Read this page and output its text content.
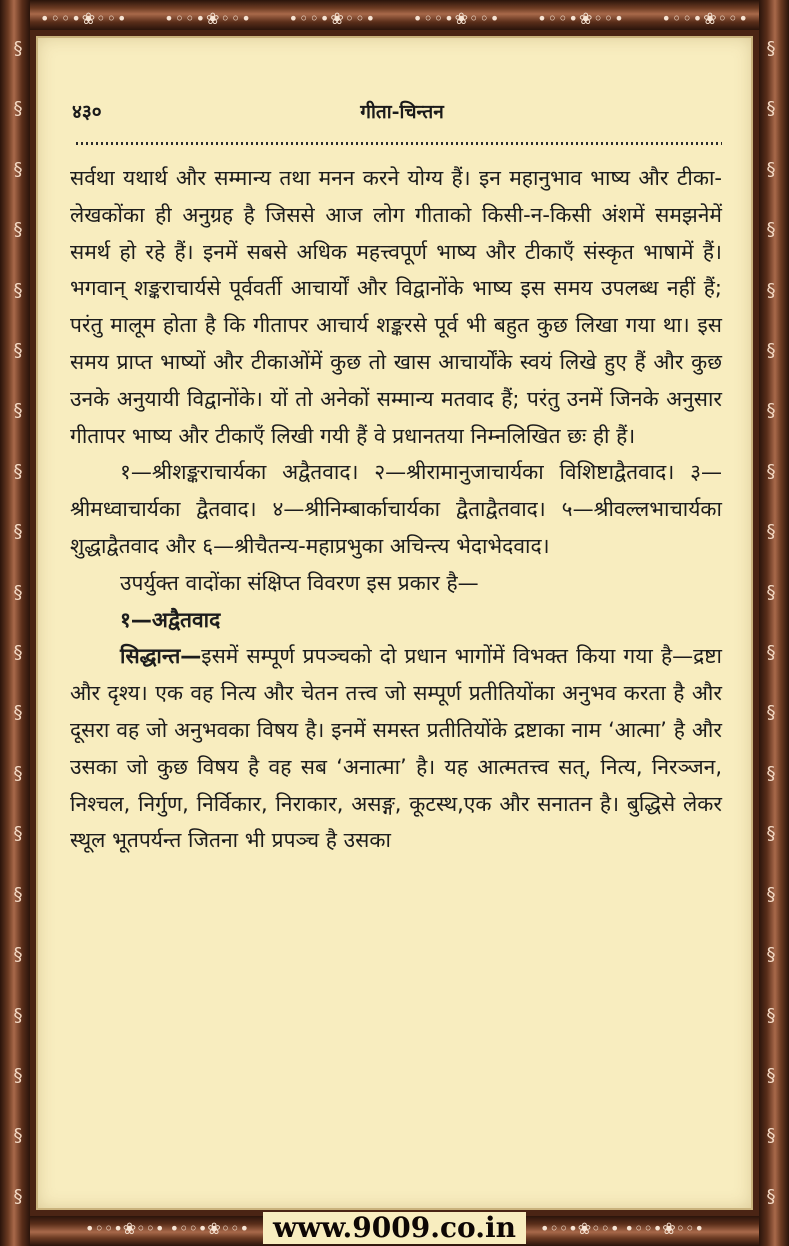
•◦◦•❀◦◦• •◦◦•❀◦◦• •◦◦•❀◦◦• •◦◦•❀◦◦• •◦◦•❀◦◦• •◦◦•❀◦◦•
§
§
§
§
§
§
§
§
§
§
§
§
§
§
§
§
§
§
§
§
§
§
§
§
§
§
§
§
§
§
§
§
§
§
§
§
§
§
§
§
४३०	गीता-चिन्तन

सर्वथा यथार्थ और सम्मान्य तथा मनन करने योग्य हैं। इन महानुभाव भाष्य और टीका-लेखकोंका ही अनुग्रह है जिससे आज लोग गीताको किसी-न-किसी अंशमें समझनेमें समर्थ हो रहे हैं। इनमें सबसे अधिक महत्त्वपूर्ण भाष्य और टीकाएँ संस्कृत भाषामें हैं। भगवान् शङ्कराचार्यसे पूर्ववर्ती आचार्यों और विद्वानोंके भाष्य इस समय उपलब्ध नहीं हैं; परंतु मालूम होता है कि गीतापर आचार्य शङ्करसे पूर्व भी बहुत कुछ लिखा गया था। इस समय प्राप्त भाष्यों और टीकाओंमें कुछ तो खास आचार्योंके स्वयं लिखे हुए हैं और कुछ उनके अनुयायी विद्वानोंके। यों तो अनेकों सम्मान्य मतवाद हैं; परंतु उनमें जिनके अनुसार गीतापर भाष्य और टीकाएँ लिखी गयी हैं वे प्रधानतया निम्नलिखित छः ही हैं।

१—श्रीशङ्कराचार्यका अद्वैतवाद। २—श्रीरामानुजाचार्यका विशिष्टाद्वैतवाद। ३—श्रीमध्वाचार्यका द्वैतवाद। ४—श्रीनिम्बार्काचार्यका द्वैताद्वैतवाद। ५—श्रीवल्लभाचार्यका शुद्धाद्वैतवाद और ६—श्रीचैतन्य-महाप्रभुका अचिन्त्य भेदाभेदवाद।

उपर्युक्त वादोंका संक्षिप्त विवरण इस प्रकार है—

१—अद्वैतवाद

सिद्धान्त—इसमें सम्पूर्ण प्रपञ्चको दो प्रधान भागोंमें विभक्त किया गया है—द्रष्टा और दृश्य। एक वह नित्य और चेतन तत्त्व जो सम्पूर्ण प्रतीतियोंका अनुभव करता है और दूसरा वह जो अनुभवका विषय है। इनमें समस्त प्रतीतियोंके द्रष्टाका नाम ‘आत्मा’ है और उसका जो कुछ विषय है वह सब ‘अनात्मा’ है। यह आत्मतत्त्व सत्, नित्य, निरञ्जन, निश्चल, निर्गुण, निर्विकार, निराकार, असङ्ग, कूटस्थ,एक और सनातन है। बुद्धिसे लेकर स्थूल भूतपर्यन्त जितना भी प्रपञ्च है उसका

•◦◦•❀◦◦• •◦◦•❀◦◦• www.9009.co.in	•◦◦•❀◦◦• •◦◦•❀◦◦•
